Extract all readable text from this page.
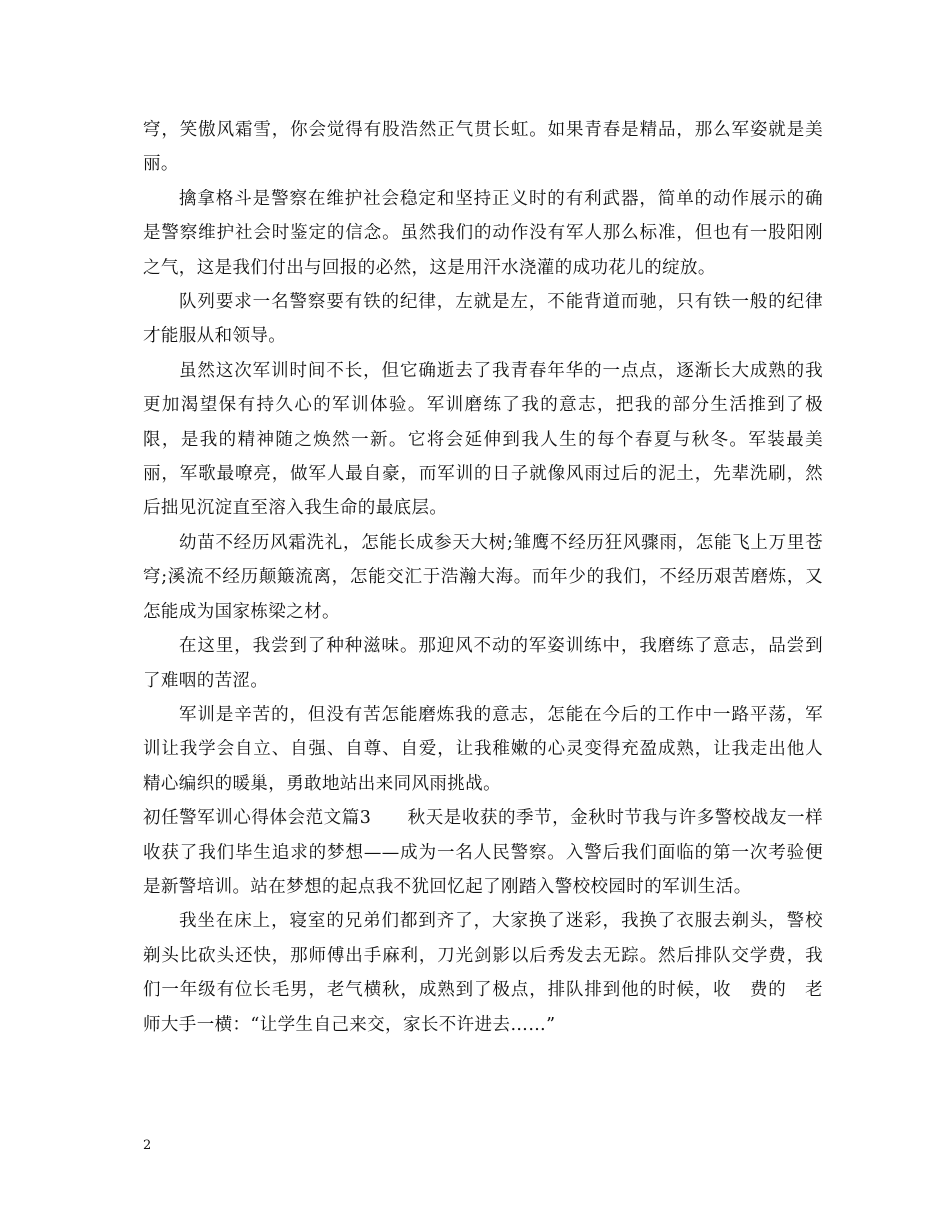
穹，笑傲风霜雪，你会觉得有股浩然正气贯长虹。如果青春是精品，那么军姿就是美丽。

擒拿格斗是警察在维护社会稳定和坚持正义时的有利武器，简单的动作展示的确是警察维护社会时鉴定的信念。虽然我们的动作没有军人那么标准，但也有一股阳刚之气，这是我们付出与回报的必然，这是用汗水浇灌的成功花儿的绽放。

队列要求一名警察要有铁的纪律，左就是左，不能背道而驰，只有铁一般的纪律才能服从和领导。

虽然这次军训时间不长，但它确逝去了我青春年华的一点点，逐渐长大成熟的我更加渴望保有持久心的军训体验。军训磨练了我的意志，把我的部分生活推到了极限，是我的精神随之焕然一新。它将会延伸到我人生的每个春夏与秋冬。军装最美丽，军歌最嘹亮，做军人最自豪，而军训的日子就像风雨过后的泥土，先辈洗刷，然后拙见沉淀直至溶入我生命的最底层。

幼苗不经历风霜洗礼，怎能长成参天大树;雏鹰不经历狂风骤雨，怎能飞上万里苍穹;溪流不经历颠簸流离，怎能交汇于浩瀚大海。而年少的我们，不经历艰苦磨炼，又怎能成为国家栋梁之材。

在这里，我尝到了种种滋味。那迎风不动的军姿训练中，我磨练了意志，品尝到了难咽的苦涩。

军训是辛苦的，但没有苦怎能磨炼我的意志，怎能在今后的工作中一路平荡，军训让我学会自立、自强、自尊、自爱，让我稚嫩的心灵变得充盈成熟，让我走出他人精心编织的暖巢，勇敢地站出来同风雨挑战。

初任警军训心得体会范文篇3　　秋天是收获的季节，金秋时节我与许多警校战友一样收获了我们毕生追求的梦想——成为一名人民警察。入警后我们面临的第一次考验便是新警培训。站在梦想的起点我不犹回忆起了刚踏入警校校园时的军训生活。

我坐在床上，寝室的兄弟们都到齐了，大家换了迷彩，我换了衣服去剃头，警校剃头比砍头还快，那师傅出手麻利，刀光剑影以后秀发去无踪。然后排队交学费，我们一年级有位长毛男，老气横秋，成熟到了极点，排队排到他的时候，收　费的　老师大手一横：“让学生自己来交，家长不许进去……”

2
